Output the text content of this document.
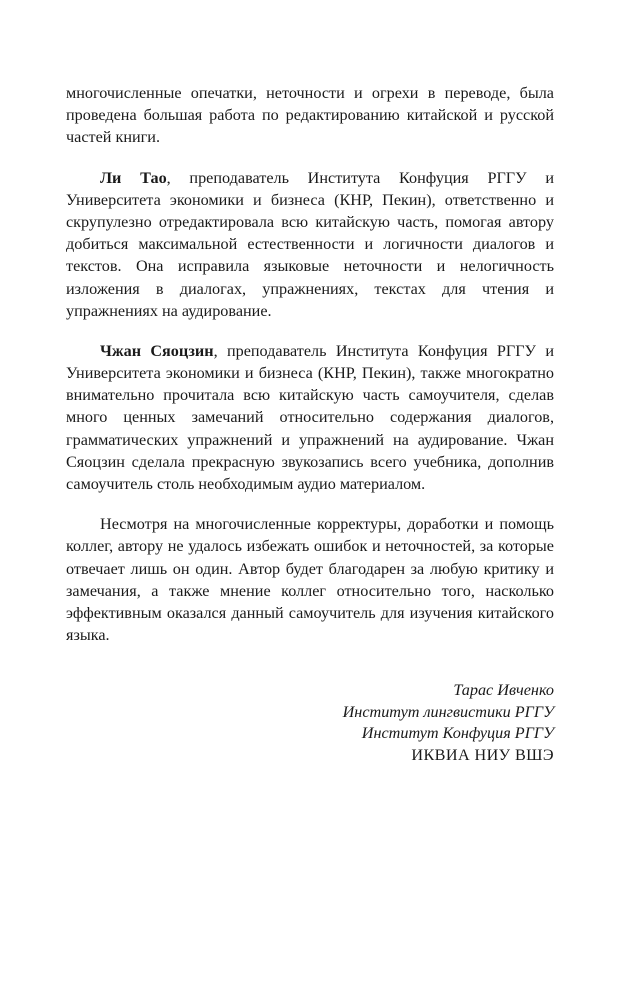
многочисленные опечатки, неточности и огрехи в переводе, была проведена большая работа по редактированию китайской и русской частей книги.

Ли Тао, преподаватель Института Конфуция РГГУ и Университета экономики и бизнеса (КНР, Пекин), ответственно и скрупулезно отредактировала всю китайскую часть, помогая автору добиться максимальной естественности и логичности диалогов и текстов. Она исправила языковые неточности и нелогичность изложения в диалогах, упражнениях, текстах для чтения и упражнениях на аудирование.

Чжан Сяоцзин, преподаватель Института Конфуция РГГУ и Университета экономики и бизнеса (КНР, Пекин), также многократно внимательно прочитала всю китайскую часть самоучителя, сделав много ценных замечаний относительно содержания диалогов, грамматических упражнений и упражнений на аудирование. Чжан Сяоцзин сделала прекрасную звукозапись всего учебника, дополнив самоучитель столь необходимым аудио материалом.

Несмотря на многочисленные корректуры, доработки и помощь коллег, автору не удалось избежать ошибок и неточностей, за которые отвечает лишь он один. Автор будет благодарен за любую критику и замечания, а также мнение коллег относительно того, насколько эффективным оказался данный самоучитель для изучения китайского языка.

Тарас Ивченко

Институт лингвистики РГГУ

Институт Конфуция РГГУ

ИКВИА НИУ ВШЭ
